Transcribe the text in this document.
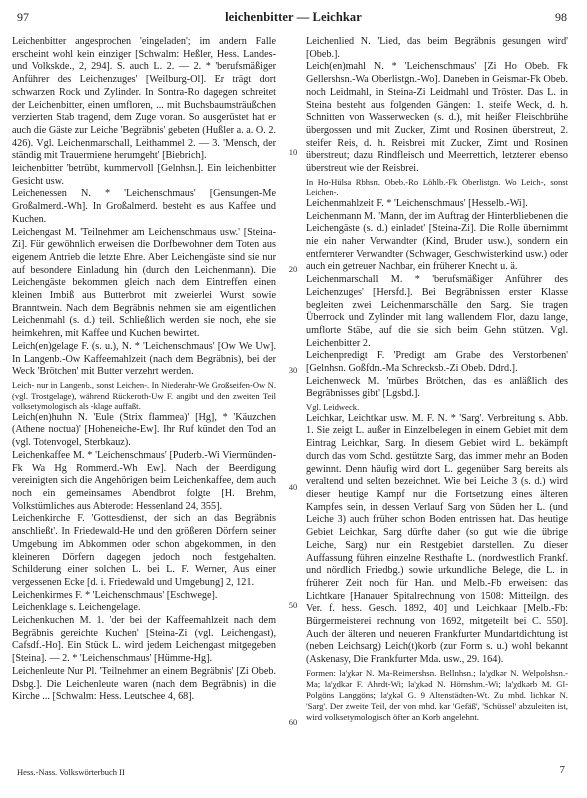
97	leichenbitter — Leichkar	98

Leichenbitter angesprochen 'eingeladen'; im andern Falle erscheint wohl kein einziger [Schwalm: Heßler, Hess. Landes- und Volkskde., 2, 294]. S. auch L. 2. — 2. * 'berufsmäßiger Anführer des Leichenzuges' [Weilburg-Ol]. Er trägt dort schwarzen Rock und Zylinder. In Sontra-Ro dagegen schreitet der Leichenbitter, einen umfloren, ... mit Buchsbaumsträußchen verzierten Stab tragend, dem Zuge voran. So ausgerüstet hat er auch die Gäste zur Leiche 'Begräbnis' gebeten (Hußler a. a. O. 2. 426). Vgl. Leichenmarschall, Leithammel 2. — 3. 'Mensch, der ständig mit Trauermiene herumgeht' [Biebrich].

leichenbitter 'betrübt, kummervoll [Gelnhsn.]. Ein leichenbitter Gesicht usw.

Leichenessen N. * 'Leichenschmaus' [Gensungen-Me Großalmerd.-Wh]. In Großalmerd. besteht es aus Kaffee und Kuchen.

Leichengast M. 'Teilnehmer am Leichenschmaus usw.' [Steina-Zi]. Für gewöhnlich erweisen die Dorfbewohner dem Toten aus eigenem Antrieb die letzte Ehre. Aber Leichengäste sind sie nur auf besondere Einladung hin (durch den Leichenmann). Die Leichengäste bekommen gleich nach dem Eintreffen einen kleinen Imbiß aus Butterbrot mit zweierlei Wurst sowie Branntwein. Nach dem Begräbnis nehmen sie am eigentlichen Leichenmahl (s. d.) teil. Schließlich werden sie noch, ehe sie heimkehren, mit Kaffee und Kuchen bewirtet.

Leich(en)gelage F. (s. u.), N. * 'Leichenschmaus' [Ow We Uw]. In Langenb.-Ow Kaffeemahlzeit (nach dem Begräbnis), bei der Weck 'Brötchen' mit Butter verzehrt werden.

Leich- nur in Langenb., sonst Leichen-. In Niederahr-We Großseifen-Ow N. (vgl. Trostgelage), während Rückeroth-Uw F. angibt und den zweiten Teil volksetymologisch als -klage auffaßt.

Leich(en)huhn N. 'Eule (Strix flammea)' [Hg], * 'Käuzchen (Athene noctua)' [Hoheneiche-Ew]. Ihr Ruf kündet den Tod an (vgl. Totenvogel, Sterbkauz).

Leichenkaffee M. * 'Leichenschmaus' [Puderb.-Wi Viermünden-Fk Wa Hg Rommerd.-Wh Ew]. Nach der Beerdigung vereinigten sich die Angehörigen beim Leichenkaffee, dem auch noch ein gemeinsames Abendbrot folgte [H. Brehm, Volkstümliches aus Abterode: Hessenland 24, 355].

Leichenkirche F. 'Gottesdienst, der sich an das Begräbnis anschließt'. In Friedewald-He und den größeren Dörfern seiner Umgebung im Abkommen oder schon abgekommen, in den kleineren Dörfern dagegen jedoch noch festgehalten. Schilderung einer solchen L. bei L. F. Werner, Aus einer vergessenen Ecke [d. i. Friedewald und Umgebung] 2, 121.

Leichenkirmes F. * 'Leichenschmaus' [Eschwege].

Leichenklage s. Leichengelage.

Leichenkuchen M. 1. 'der bei der Kaffeemahlzeit nach dem Begräbnis gereichte Kuchen' [Steina-Zi (vgl. Leichengast), Cafsdf.-Ho]. Ein Stück L. wird jedem Leichengast mitgegeben [Steina]. — 2. * 'Leichenschmaus' [Hümme-Hg].

Leichenleute Nur Pl. 'Teilnehmer an einem Begräbnis' [Zi Obeb. Dsbg.]. Die Leichenleute waren (nach dem Begräbnis) in die Kirche ... [Schwalm: Hess. Leutschee 4, 68].

10
20
30
40
50
60

Leichenlied N. 'Lied, das beim Begräbnis gesungen wird' [Obeb.].

Leich(en)mahl N. * 'Leichenschmaus' [Zi Ho Obeb. Fk Gellershsn.-Wa Oberlistgn.-Wo]. Daneben in Geismar-Fk Obeb. noch Leidmahl, in Steina-Zi Leidmahl und Tröster. Das L. in Steina besteht aus folgenden Gängen: 1. steife Weck, d. h. Schnitten von Wasserwecken (s. d.), mit heißer Fleischbrühe übergossen und mit Zucker, Zimt und Rosinen überstreut, 2. steifer Reis, d. h. Reisbrei mit Zucker, Zimt und Rosinen überstreut; dazu Rindfleisch und Meerrettich, letzterer ebenso überstreut wie der Reisbrei.

In Ho-Hülsa Rbhsn. Obeb.-Ro Löhlb.-Fk Oberlistgn. Wo Leich-, sonst Leichen-.

Leichenmahlzeit F. * 'Leichenschmaus' [Hesselb.-Wi].

Leichenmann M. 'Mann, der im Auftrag der Hinterbliebenen die Leichengäste (s. d.) einladet' [Steina-Zi]. Die Rolle übernimmt nie ein naher Verwandter (Kind, Bruder usw.), sondern ein entfernterer Verwandter (Schwager, Geschwisterkind usw.) oder auch ein getreuer Nachbar, ein früherer Knecht u. ä.

Leichenmarschall M. * 'berufsmäßiger Anführer des Leichenzuges' [Hersfd.]. Bei Begräbnissen erster Klasse begleiten zwei Leichenmarschälle den Sarg. Sie tragen Überrock und Zylinder mit lang wallendem Flor, dazu lange, umflorte Stäbe, auf die sie sich beim Gehn stützen. Vgl. Leichenbitter 2.

Leichenpredigt F. 'Predigt am Grabe des Verstorbenen' [Gelnhsn. Goßfdn.-Ma Schrecksb.-Zi Obeb. Ddrd.].

Leichenweck M. 'mürbes Brötchen, das es anläßlich des Begräbnisses gibt' [Lgsbd.].

Vgl. Leidweck.

Leichkar, Leichtkar usw. M. F. N. * 'Sarg'. Verbreitung s. Abb. 1. Sie zeigt L. außer in Einzelbelegen in einem Gebiet mit dem Eintrag Leichkar, Sarg. In diesem Gebiet wird L. bekämpft durch das vom Schd. gestützte Sarg, das immer mehr an Boden gewinnt. Denn häufig wird dort L. gegenüber Sarg bereits als veraltend und selten bezeichnet. Wie bei Leiche 3 (s. d.) wird dieser heutige Kampf nur die Fortsetzung eines älteren Kampfes sein, in dessen Verlauf Sarg von Süden her L. (und Leiche 3) auch früher schon Boden entrissen hat. Das heutige Gebiet Leichkar, Sarg dürfte daher (so gut wie die übrige Leiche, Sarg) nur ein Restgebiet darstellen. Zu dieser Auffassung führen einzelne Resthafte L. (nordwestlich Frankf. und nördlich Friedbg.) sowie urkundliche Belege, die L. in früherer Zeit noch für Han. und Melb.-Fb erweisen: das Lichtkare [Hanauer Spitalrechnung von 1508: Mitteilgn. des Ver. f. hess. Gesch. 1892, 40] und Leichkaar [Melb.-Fb: Bürgermeisterei rechnung von 1692, mitgeteilt bei C. 550]. Auch der älteren und neueren Frankfurter Mundartdichtung ist (neben Leichsarg) Leich(t)korb (zur Form s. u.) wohl bekannt (Askenasy, Die Frankfurter Mda. usw., 29. 164).

Formen: la'χkər N. Ma-Reimershsn. Bellnhsn.; la'χdkər N. Welpolshsn.-Ma; la'χdkər F. Ahrdt-Wi; la'χkəd N. Hörnshm.-Wi; la'χdkərb M. Gl-Polgöns Langgöns; la'χkəl G. 9 Altenstädten-Wt. Zu mhd. lichkar N. 'Sarg'. Der zweite Teil, der von mhd. kar 'Gefäß', 'Schüssel' abzuleiten ist, wird volksetymologisch öfter an Korb angelehnt.

Hess.-Nass. Volkswörterbuch II	7
